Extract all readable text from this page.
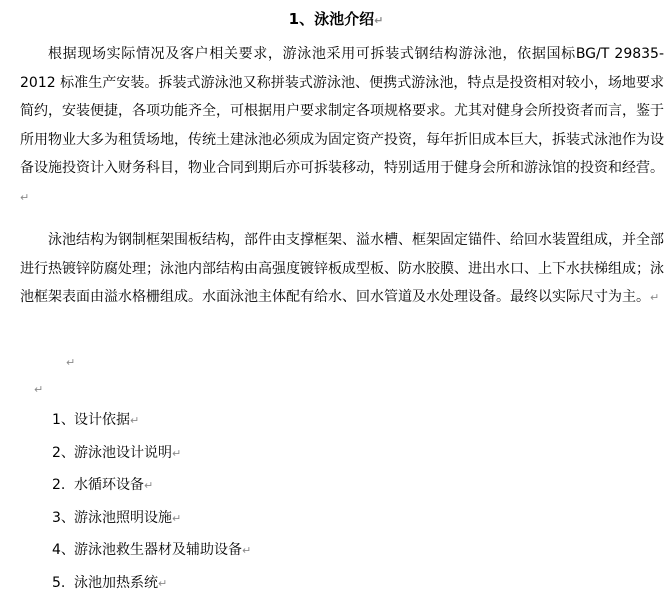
1、泳池介绍↵

根据现场实际情况及客户相关要求，游泳池采用可拆装式钢结构游泳池，依据国标BG/T 29835-2012 标准生产安装。拆装式游泳池又称拼装式游泳池、便携式游泳池，特点是投资相对较小，场地要求简约，安装便捷，各项功能齐全，可根据用户要求制定各项规格要求。尤其对健身会所投资者而言，鉴于所用物业大多为租赁场地，传统土建泳池必须成为固定资产投资，每年折旧成本巨大，拆装式泳池作为设备设施投资计入财务科目，物业合同到期后亦可拆装移动，特别适用于健身会所和游泳馆的投资和经营。↵

泳池结构为钢制框架围板结构，部件由支撑框架、溢水槽、框架固定锚件、给回水装置组成，并全部进行热镀锌防腐处理；泳池内部结构由高强度镀锌板成型板、防水胶膜、进出水口、上下水扶梯组成；泳池框架表面由溢水格栅组成。水面泳池主体配有给水、回水管道及水处理设备。最终以实际尺寸为主。↵

↵
↵
1、设计依据↵
2、游泳池设计说明↵
2. 水循环设备↵
3、游泳池照明设施↵
4、游泳池救生器材及辅助设备↵
5. 泳池加热系统↵
